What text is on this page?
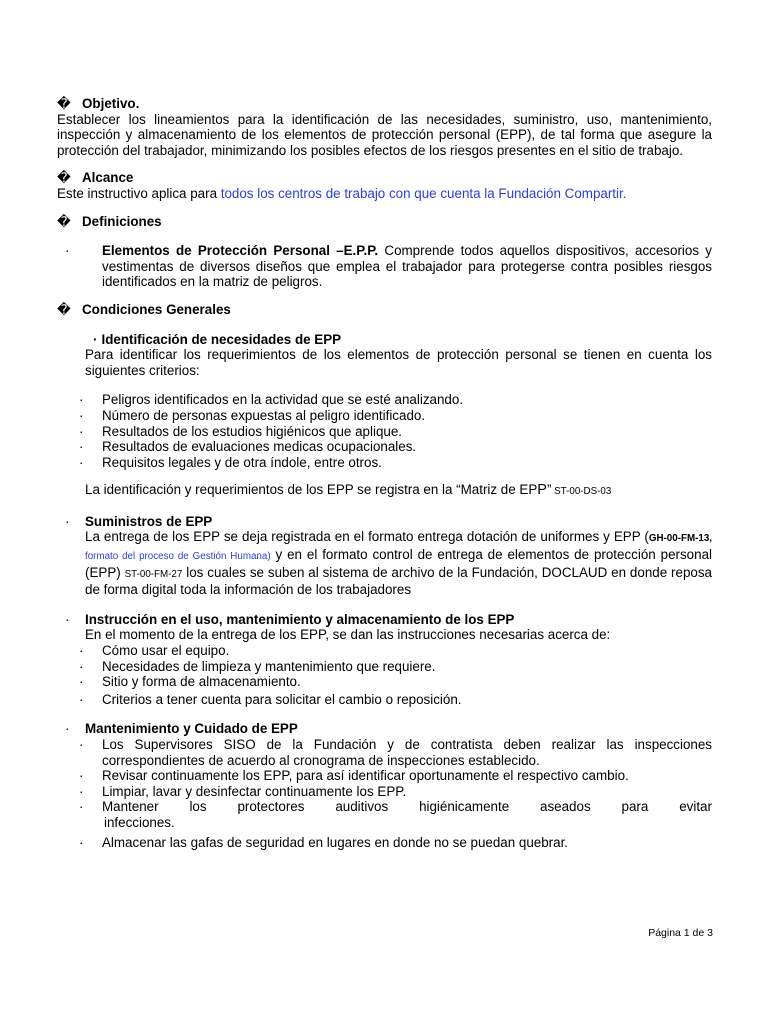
� Objetivo.

Establecer los lineamientos para la identificación de las necesidades, suministro, uso, mantenimiento, inspección y almacenamiento de los elementos de protección personal (EPP), de tal forma que asegure la protección del trabajador, minimizando los posibles efectos de los riesgos presentes en el sitio de trabajo.

� Alcance

Este instructivo aplica para todos los centros de trabajo con que cuenta la Fundación Compartir.

� Definiciones

· Elementos de Protección Personal –E.P.P. Comprende todos aquellos dispositivos, accesorios y vestimentas de diversos diseños que emplea el trabajador para protegerse contra posibles riesgos identificados en la matriz de peligros.

� Condiciones Generales

· Identificación de necesidades de EPP

Para identificar los requerimientos de los elementos de protección personal se tienen en cuenta los siguientes criterios:

· Peligros identificados en la actividad que se esté analizando.
· Número de personas expuestas al peligro identificado.
· Resultados de los estudios higiénicos que aplique.
· Resultados de evaluaciones medicas ocupacionales.
· Requisitos legales y de otra índole, entre otros.

La identificación y requerimientos de los EPP se registra en la “Matriz de EPP” ST-00-DS-03

· Suministros de EPP

La entrega de los EPP se deja registrada en el formato entrega dotación de uniformes y EPP (GH-00-FM-13, formato del proceso de Gestión Humana) y en el formato control de entrega de elementos de protección personal (EPP) ST-00-FM-27 los cuales se suben al sistema de archivo de la Fundación, DOCLAUD en donde reposa de forma digital toda la información de los trabajadores

· Instrucción en el uso, mantenimiento y almacenamiento de los EPP

En el momento de la entrega de los EPP, se dan las instrucciones necesarias acerca de:

· Cómo usar el equipo.
· Necesidades de limpieza y mantenimiento que requiere.
· Sitio y forma de almacenamiento.
· Criterios a tener cuenta para solicitar el cambio o reposición.
· Mantenimiento y Cuidado de EPP

· Los Supervisores SISO de la Fundación y de contratista deben realizar las inspecciones correspondientes de acuerdo al cronograma de inspecciones establecido.
· Revisar continuamente los EPP, para así identificar oportunamente el respectivo cambio.
· Limpiar, lavar y desinfectar continuamente los EPP.
· Mantener los protectores auditivos higiénicamente aseados para evitar
infecciones.
· Almacenar las gafas de seguridad en lugares en donde no se puedan quebrar.
Página 1 de 3
